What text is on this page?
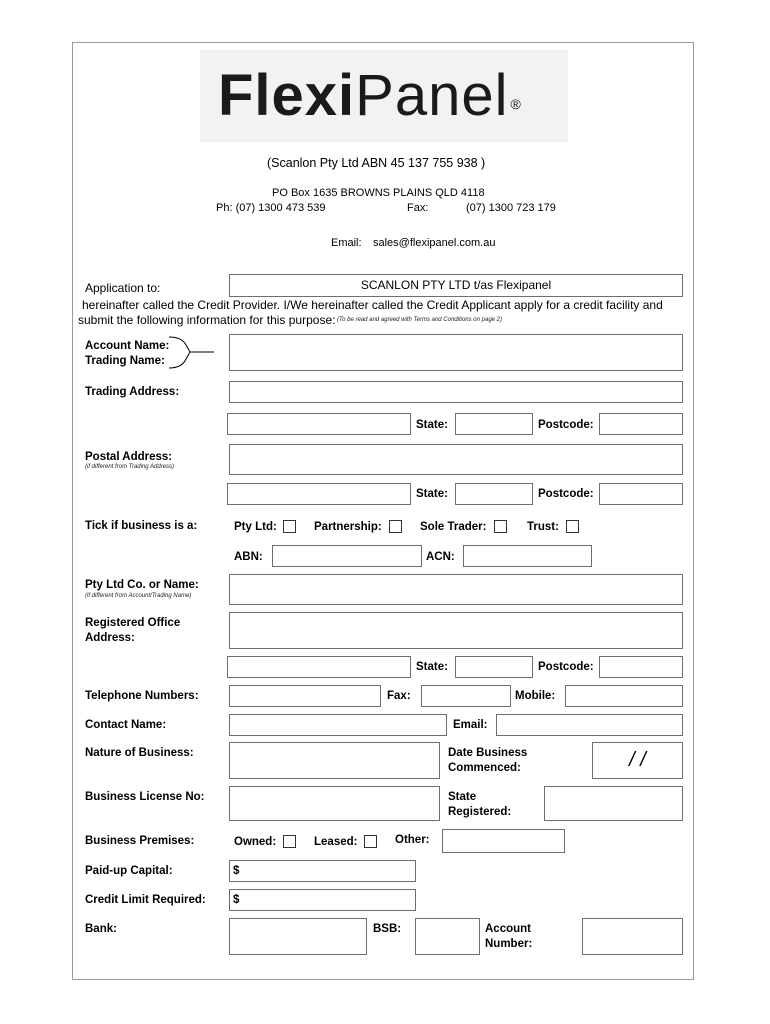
FlexiPanel ®
(Scanlon Pty Ltd ABN 45 137 755 938 )
PO Box 1635 BROWNS PLAINS QLD 4118
Ph: (07) 1300 473 539	Fax:	(07) 1300 723 179
Email: sales@flexipanel.com.au
Application to:	SCANLON PTY LTD t/as Flexipanel
hereinafter called the Credit Provider. I/We hereinafter called the Credit Applicant apply for a credit facility and
submit the following information for this purpose: (To be read and agreed with Terms and Conditions on page 2)
Account Name:
Trading Name:
Trading Address:
State:	Postcode:
Postal Address:
(if different from Trading Address)
State:	Postcode:
Tick if business is a:	Pty Ltd:	Partnership:	Sole Trader:	Trust:
ABN:	ACN:
Pty Ltd Co. or Name:
(if different from Account/Trading Name)
Registered Office
Address:
State:	Postcode:
Telephone Numbers:	Fax:	Mobile:
Contact Name:	Email:
Nature of Business:	Date Business
Commenced:	/ /
Business License No:	State
Registered:
Business Premises:	Owned:	Leased:	Other:
Paid-up Capital:	$
Credit Limit Required: $
Bank:	BSB:	Account
Number:
